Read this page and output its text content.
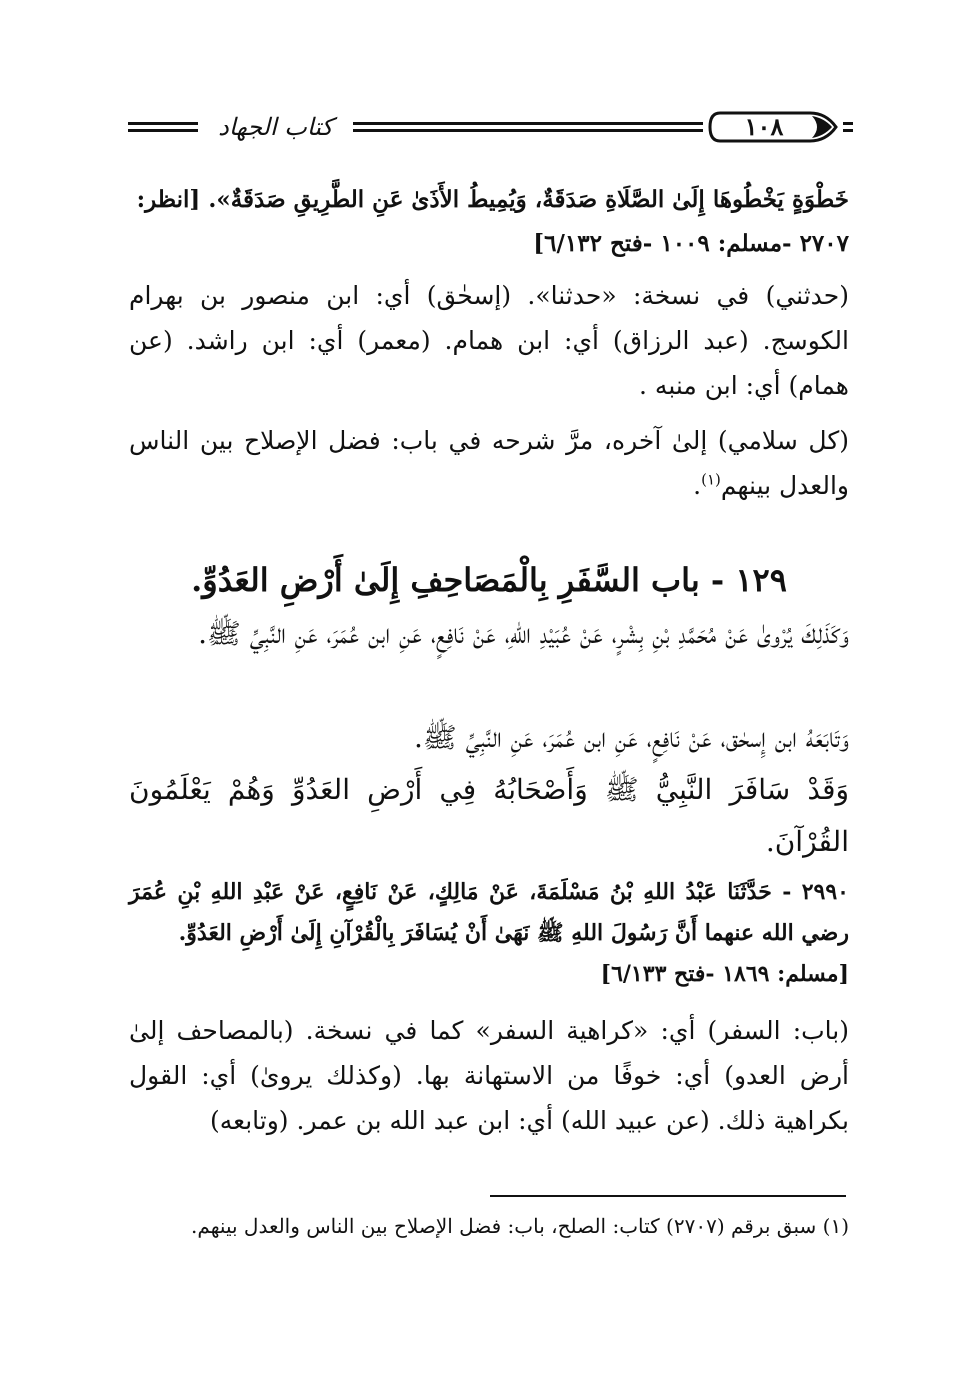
١٠٨
كتاب الجهاد
خَطْوَةٍ يَخْطُوهَا إِلَىٰ الصَّلَاةِ صَدَقَةٌ، وَيُمِيطُ الأَذَىٰ عَنِ الطَّرِيقِ صَدَقَةٌ». [انظر:
٢٧٠٧ -مسلم: ١٠٠٩ -فتح ٦/١٣٢]
(حدثني) في نسخة: «حدثنا». (إسحٰق) أي: ابن منصور بن بهرام الكوسج. (عبد الرزاق) أي: ابن همام. (معمر) أي: ابن راشد. (عن همام) أي: ابن منبه .
(كل سلامي) إلىٰ آخره، مرَّ شرحه في باب: فضل الإصلاح بين الناس والعدل بينهم$^{(١)}$.
١٢٩ - باب السَّفَرِ بِالْمَصَاحِفِ إِلَىٰ أَرْضِ العَدُوِّ.
وَكَذَلِكَ يُرْوىٰ عَنْ مُحَمَّدِ بْنِ بِشْرٍ، عَنْ عُبَيْدِ اللهِ، عَنْ نَافِعٍ، عَنِ ابن عُمَرَ، عَنِ النَّبِيِّ ﷺ.
وَتَابَعَهُ ابن إِسحٰق، عَنْ نَافِعٍ، عَنِ ابن عُمَرَ، عَنِ النَّبِيِّ ﷺ.
وَقَدْ سَافَرَ النَّبِيُّ ﷺ وَأَصْحَابُهُ فِي أَرْضِ العَدُوِّ وَهُمْ يَعْلَمُونَ القُرْآنَ.
٢٩٩٠ - حَدَّثَنَا عَبْدُ اللهِ بْنُ مَسْلَمَةَ، عَنْ مَالِكٍ، عَنْ نَافِعٍ، عَنْ عَبْدِ اللهِ بْنِ عُمَرَ رضي الله عنهما أَنَّ رَسُولَ اللهِ ﷺ نَهَىٰ أَنْ يُسَافَرَ بِالْقُرْآنِ إِلَىٰ أَرْضِ العَدُوِّ.
[مسلم: ١٨٦٩ -فتح ٦/١٣٣]
(باب: السفر) أي: «كراهية السفر» كما في نسخة. (بالمصاحف إلىٰ أرض العدو) أي: خوفًا من الاستهانة بها. (وكذلك يروىٰ) أي: القول بكراهية ذلك. (عن عبيد الله) أي: ابن عبد الله بن عمر. (وتابعه)
(١) سبق برقم (٢٧٠٧) كتاب: الصلح، باب: فضل الإصلاح بين الناس والعدل بينهم.
